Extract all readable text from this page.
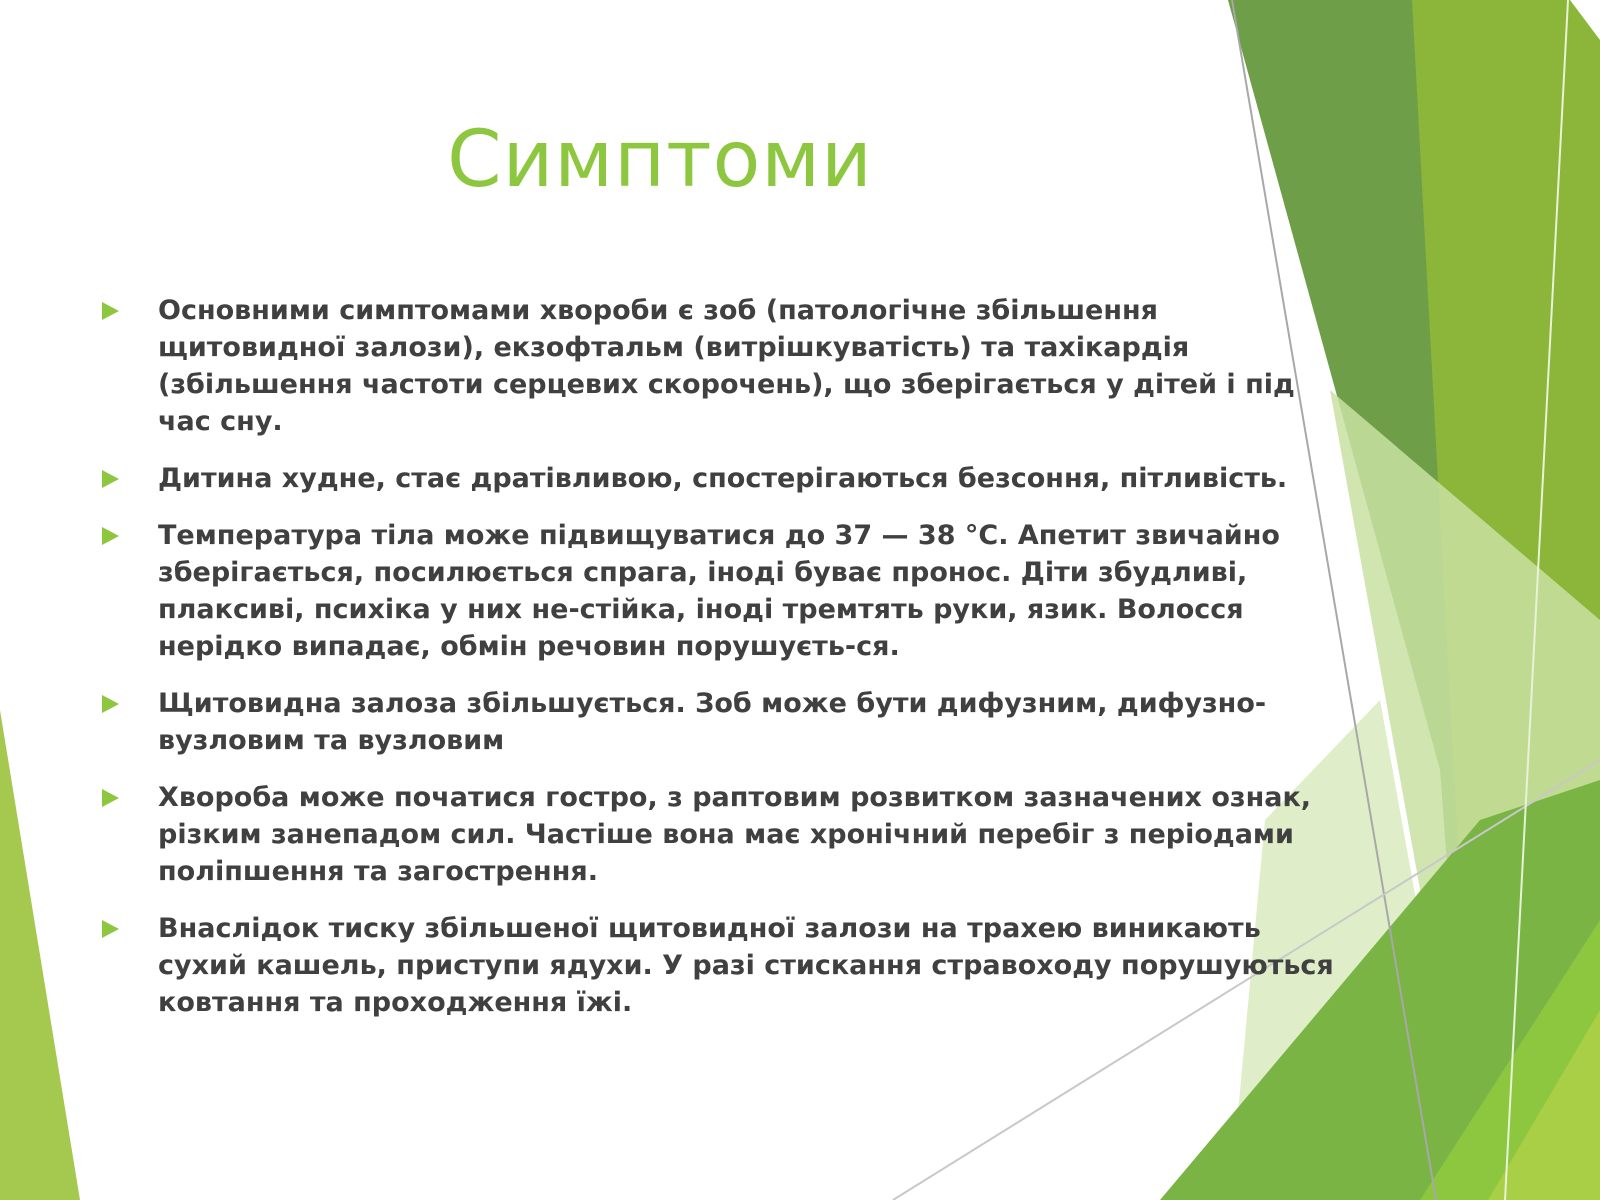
Симптоми
Основними симптомами хвороби є зоб (патологічне збільшення щитовидної залози), екзофтальм (витрішкуватість) та тахікардія (збільшення частоти серцевих скорочень), що зберігається у дітей і під час сну.
Дитина худне, стає дратівливою, спостерігаються безсоння, пітливість.
Температура тіла може підвищуватися до 37 — 38 °С. Апетит звичайно зберігається, посилюється спрага, іноді буває пронос. Діти збудливі, плаксиві, психіка у них не-стійка, іноді тремтять руки, язик. Волосся нерідко випадає, обмін речовин порушуєть-ся.
Щитовидна залоза збільшується. Зоб може бути дифузним, дифузно-вузловим та вузловим
Хвороба може початися гостро, з раптовим розвитком зазначених ознак, різким занепадом сил. Частіше вона має хронічний перебіг з періодами поліпшення та загострення.
Внаслідок тиску збільшеної щитовидної залози на трахею виникають сухий кашель, приступи ядухи. У разі стискання стравоходу порушуються ковтання та проходження їжі.
